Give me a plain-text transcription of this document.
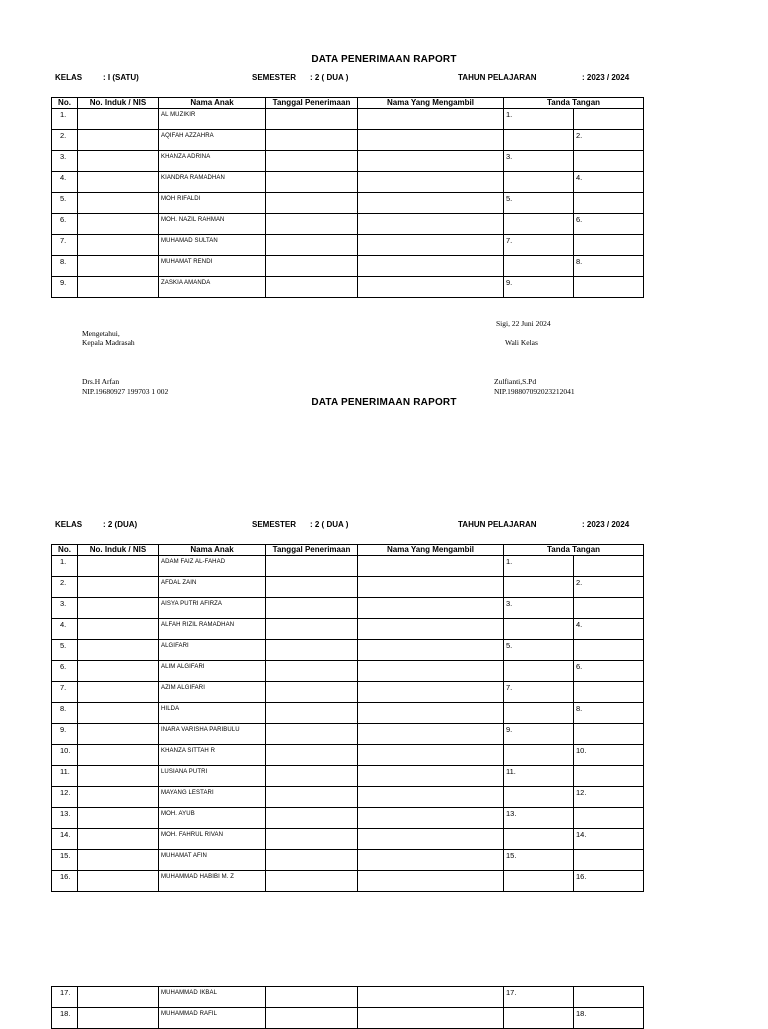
DATA PENERIMAAN RAPORT
KELAS	: I (SATU)	SEMESTER : 2 ( DUA )	TAHUN PELAJARAN	: 2023 / 2024
No.	No. Induk / NIS	Nama Anak	Tanggal Penerimaan	Nama Yang Mengambil	Tanda Tangan	
1.		AL MUZIKIR			1.	
2.		AQIFAH AZZAHRA				2.
3.		KHANZA ADRINA			3.	
4.		KIANDRA RAMADHAN				4.
5.		MOH RIFALDI			5.	
6.		MOH. NAZIL RAHMAN				6.
7.		MUHAMAD SULTAN			7.	
8.		MUHAMAT RENDI				8.
9.		ZASKIA AMANDA			9.	
Sigi, 22 Juni 2024
Mengetahui,
Kepala Madrasah	Wali Kelas
Drs.H Arfan	Zulfianti,S.Pd
NIP.19680927 199703 1 002	NIP.198807092023212041
DATA PENERIMAAN RAPORT
KELAS	: 2 (DUA)	SEMESTER : 2 ( DUA )	TAHUN PELAJARAN	: 2023 / 2024
No.	No. Induk / NIS	Nama Anak	Tanggal Penerimaan	Nama Yang Mengambil	Tanda Tangan	
1.		ADAM FAIZ AL-FAHAD			1.	
2.		AFDAL ZAIN				2.
3.		AISYA PUTRI AFIRZA			3.	
4.		ALFAH RIZIL RAMADHAN				4.
5.		ALGIFARI			5.	
6.		ALIM ALGIFARI				6.
7.		AZIM ALGIFARI			7.	
8.		HILDA				8.
9.		INARA VARISHA PARIBULU			9.	
10.		KHANZA SITTAH R				10.
11.		LUSIANA PUTRI			11.	
12.		MAYANG LESTARI				12.
13.		MOH. AYUB			13.	
14.		MOH. FAHRUL RIVAN				14.
15.		MUHAMAT AFIN			15.	
16.		MUHAMMAD HABIBI M. Z				16.
17.		MUHAMMAD IKBAL			17.	
18.		MUHAMMAD RAFIL				18.
